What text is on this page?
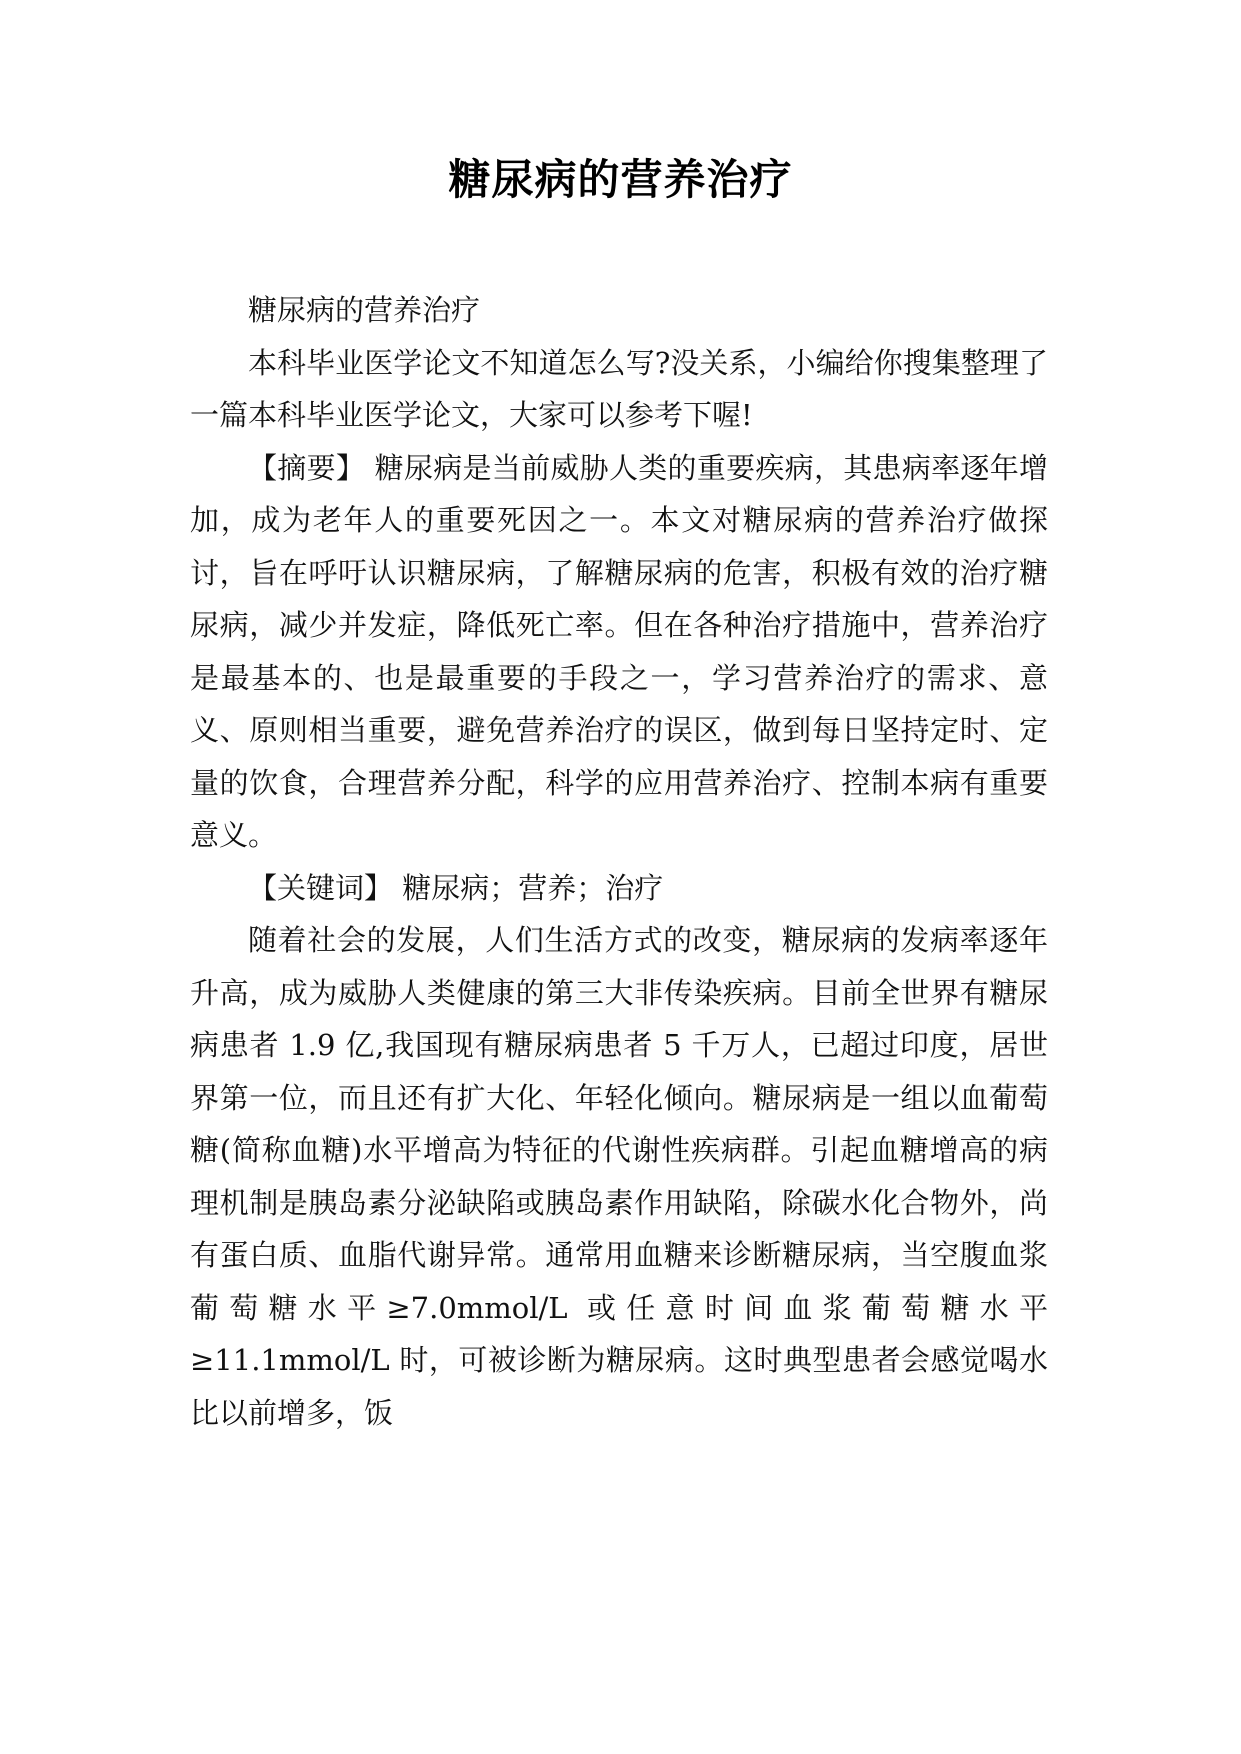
糖尿病的营养治疗

糖尿病的营养治疗

本科毕业医学论文不知道怎么写?没关系，小编给你搜集整理了一篇本科毕业医学论文，大家可以参考下喔!

【摘要】 糖尿病是当前威胁人类的重要疾病，其患病率逐年增加，成为老年人的重要死因之一。本文对糖尿病的营养治疗做探讨，旨在呼吁认识糖尿病，了解糖尿病的危害，积极有效的治疗糖尿病，减少并发症，降低死亡率。但在各种治疗措施中，营养治疗是最基本的、也是最重要的手段之一，学习营养治疗的需求、意义、原则相当重要，避免营养治疗的误区，做到每日坚持定时、定量的饮食，合理营养分配，科学的应用营养治疗、控制本病有重要意义。

【关键词】 糖尿病；营养；治疗

随着社会的发展，人们生活方式的改变，糖尿病的发病率逐年升高，成为威胁人类健康的第三大非传染疾病。目前全世界有糖尿病患者 1.9 亿,我国现有糖尿病患者 5 千万人，已超过印度，居世界第一位，而且还有扩大化、年轻化倾向。糖尿病是一组以血葡萄糖(简称血糖)水平增高为特征的代谢性疾病群。引起血糖增高的病理机制是胰岛素分泌缺陷或胰岛素作用缺陷，除碳水化合物外，尚有蛋白质、血脂代谢异常。通常用血糖来诊断糖尿病，当空腹血浆葡萄糖水平≥7.0mmol/L 或任意时间血浆葡萄糖水平≥11.1mmol/L 时，可被诊断为糖尿病。这时典型患者会感觉喝水比以前增多，饭
